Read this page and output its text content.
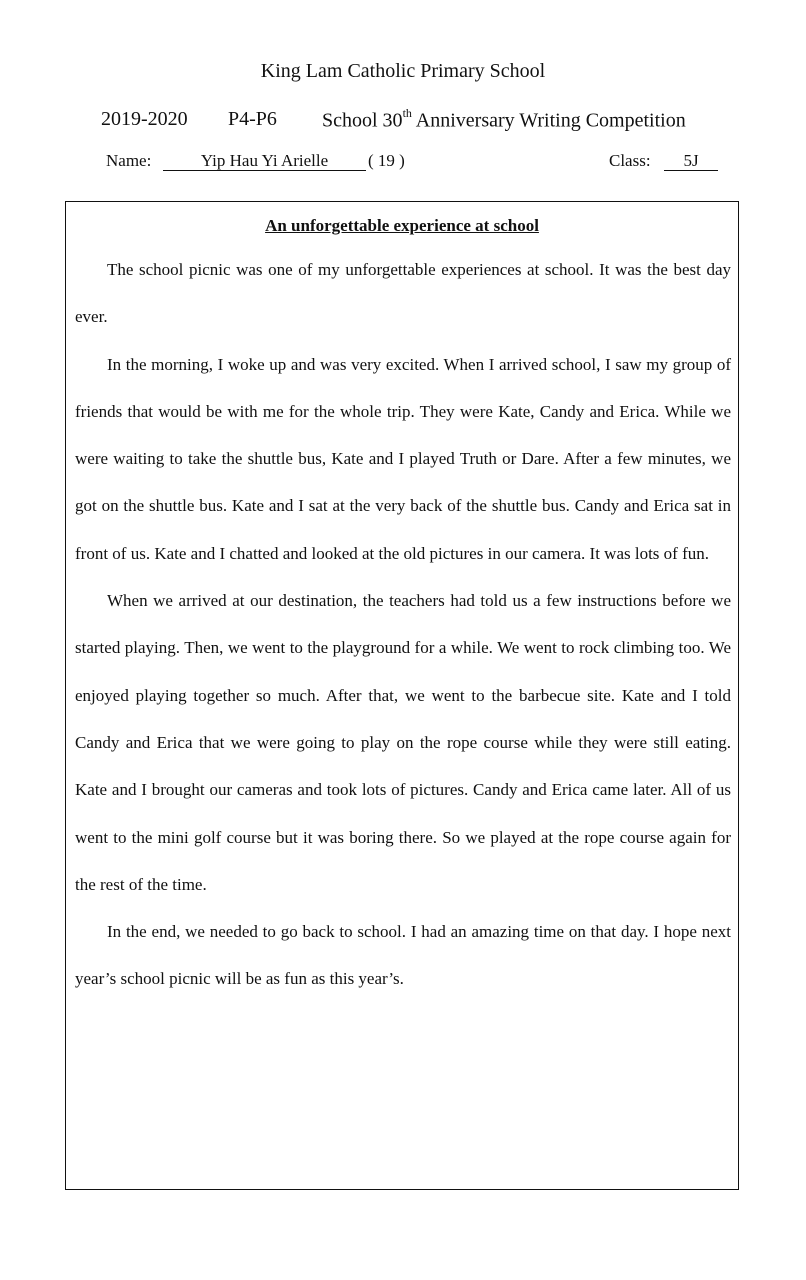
King Lam Catholic Primary School
2019-2020 P4-P6 School 30th Anniversary Writing Competition
Name:	Yip Hau Yi Arielle	( 19 )	Class:	5J
An unforgettable experience at school

The school picnic was one of my unforgettable experiences at school. It was the best day ever.

In the morning, I woke up and was very excited. When I arrived school, I saw my group of friends that would be with me for the whole trip. They were Kate, Candy and Erica. While we were waiting to take the shuttle bus, Kate and I played Truth or Dare. After a few minutes, we got on the shuttle bus. Kate and I sat at the very back of the shuttle bus. Candy and Erica sat in front of us. Kate and I chatted and looked at the old pictures in our camera. It was lots of fun.

When we arrived at our destination, the teachers had told us a few instructions before we started playing. Then, we went to the playground for a while. We went to rock climbing too. We enjoyed playing together so much. After that, we went to the barbecue site. Kate and I told Candy and Erica that we were going to play on the rope course while they were still eating. Kate and I brought our cameras and took lots of pictures. Candy and Erica came later. All of us went to the mini golf course but it was boring there. So we played at the rope course again for the rest of the time.

In the end, we needed to go back to school. I had an amazing time on that day. I hope next year’s school picnic will be as fun as this year’s.
